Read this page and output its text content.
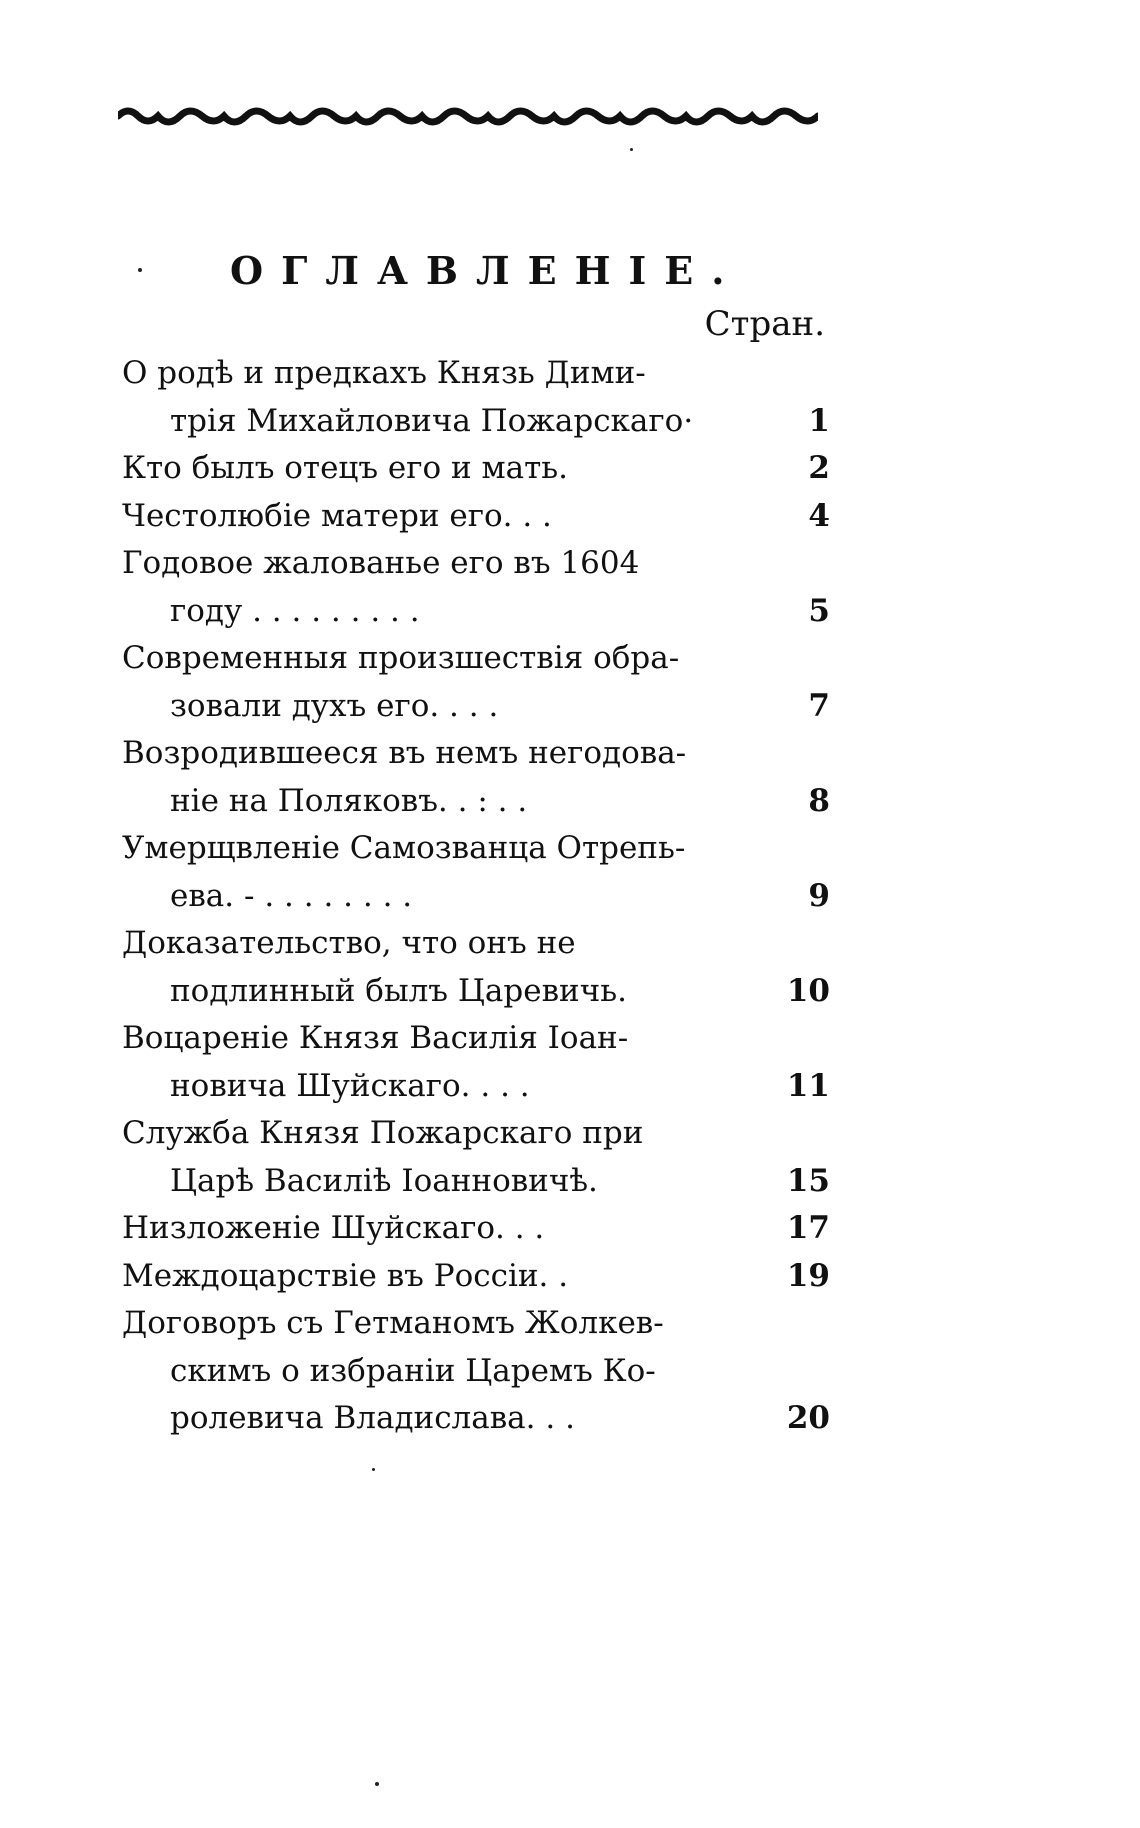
ОГЛАВЛЕНІЕ.
Стран.
О родѣ и предкахъ Князь Дими-
трія Михайловича Пожарскаго·	1
Кто былъ отецъ его и мать.	2
Честолюбіе матери его. . .	4
Годовое жалованье его въ 1604
году . . . . . . . . .	5
Современныя произшествія обра-
зовали духъ его. . . .	7
Возродившееся въ немъ негодова-
ніе на Поляковъ. . : . .	8
Умерщвленіе Самозванца Отрепь-
ева. - . . . . . . . .	9
Доказательство, что онъ не
подлинный былъ Царевичь.	10
Воцареніе Князя Василія Іоан-
новича Шуйскаго. . . .	11
Служба Князя Пожарскаго при
Царѣ Василіѣ Іоанновичѣ.	15
Низложеніе Шуйскаго. . .	17
Междоцарствіе въ Россіи. .	19
Договоръ съ Гетманомъ Жолкев-
скимъ о избраніи Царемъ Ко-
ролевича Владислава. . .	20
